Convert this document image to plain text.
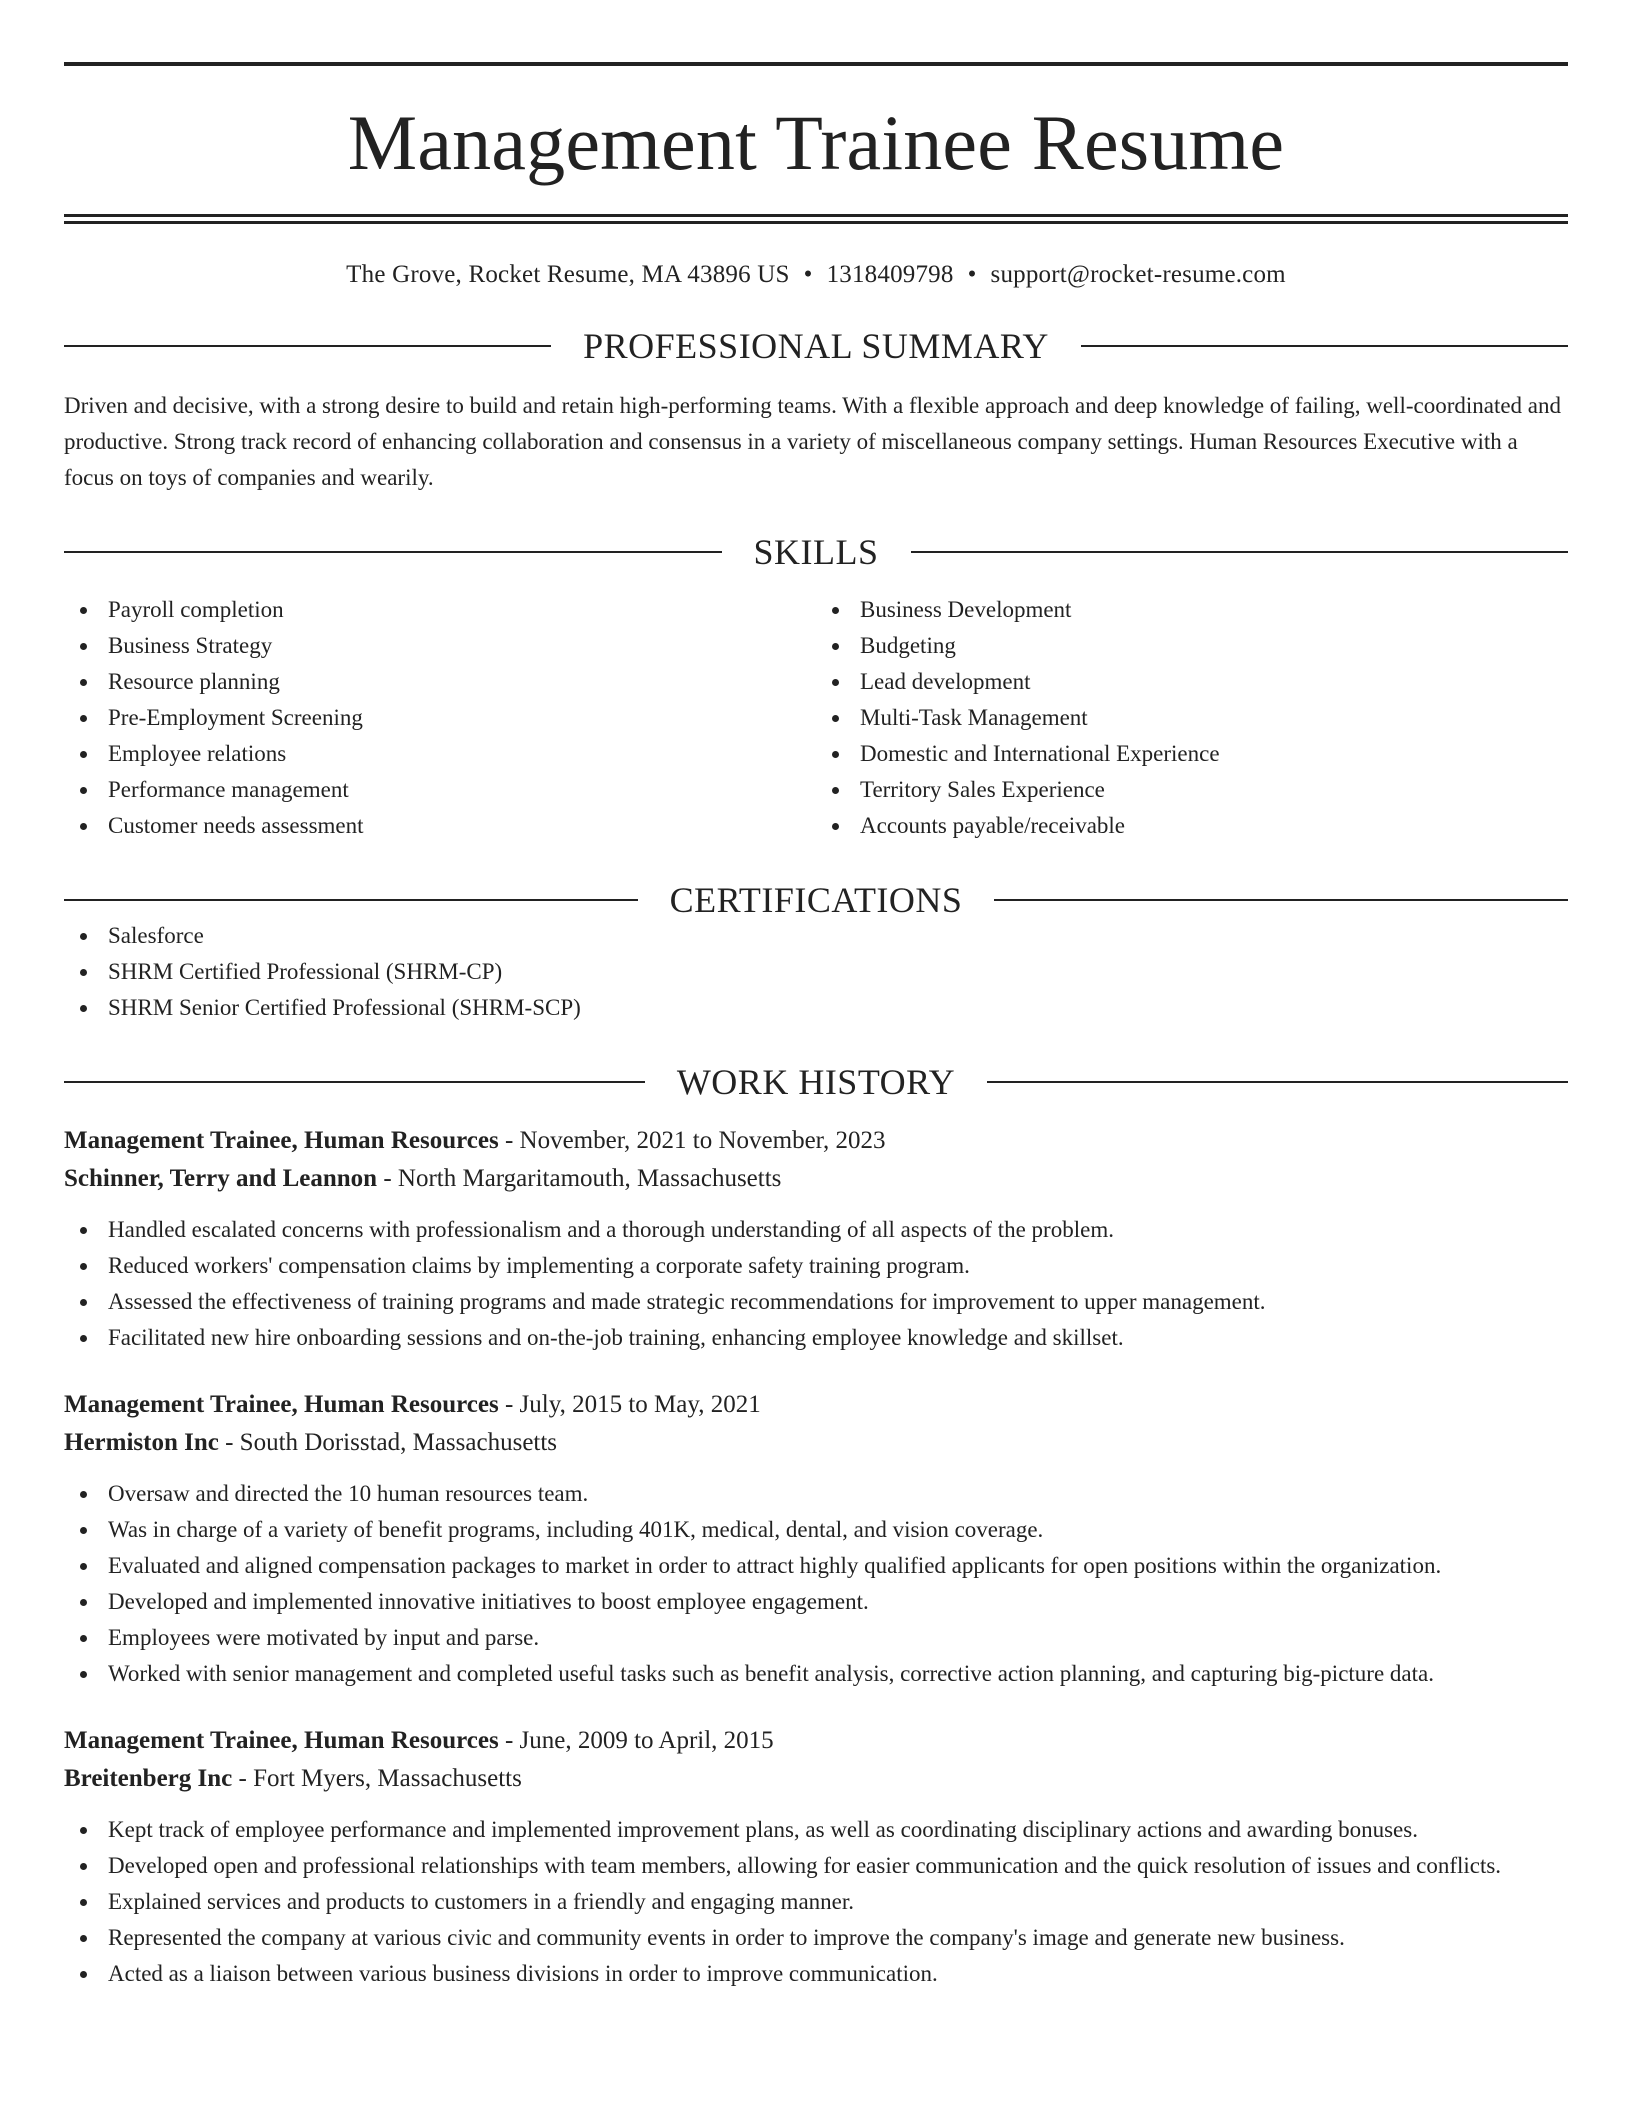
Management Trainee Resume
The Grove, Rocket Resume, MA 43896 US • 1318409798 • support@rocket-resume.com
PROFESSIONAL SUMMARY
Driven and decisive, with a strong desire to build and retain high-performing teams. With a flexible approach and deep knowledge of failing, well-coordinated and productive. Strong track record of enhancing collaboration and consensus in a variety of miscellaneous company settings. Human Resources Executive with a focus on toys of companies and wearily.
SKILLS
Payroll completion
Business Strategy
Resource planning
Pre-Employment Screening
Employee relations
Performance management
Customer needs assessment
Business Development
Budgeting
Lead development
Multi-Task Management
Domestic and International Experience
Territory Sales Experience
Accounts payable/receivable
CERTIFICATIONS
Salesforce
SHRM Certified Professional (SHRM-CP)
SHRM Senior Certified Professional (SHRM-SCP)
WORK HISTORY
Management Trainee, Human Resources - November, 2021 to November, 2023
Schinner, Terry and Leannon - North Margaritamouth, Massachusetts
Handled escalated concerns with professionalism and a thorough understanding of all aspects of the problem.
Reduced workers' compensation claims by implementing a corporate safety training program.
Assessed the effectiveness of training programs and made strategic recommendations for improvement to upper management.
Facilitated new hire onboarding sessions and on-the-job training, enhancing employee knowledge and skillset.
Management Trainee, Human Resources - July, 2015 to May, 2021
Hermiston Inc - South Dorisstad, Massachusetts
Oversaw and directed the 10 human resources team.
Was in charge of a variety of benefit programs, including 401K, medical, dental, and vision coverage.
Evaluated and aligned compensation packages to market in order to attract highly qualified applicants for open positions within the organization.
Developed and implemented innovative initiatives to boost employee engagement.
Employees were motivated by input and parse.
Worked with senior management and completed useful tasks such as benefit analysis, corrective action planning, and capturing big-picture data.
Management Trainee, Human Resources - June, 2009 to April, 2015
Breitenberg Inc - Fort Myers, Massachusetts
Kept track of employee performance and implemented improvement plans, as well as coordinating disciplinary actions and awarding bonuses.
Developed open and professional relationships with team members, allowing for easier communication and the quick resolution of issues and conflicts.
Explained services and products to customers in a friendly and engaging manner.
Represented the company at various civic and community events in order to improve the company's image and generate new business.
Acted as a liaison between various business divisions in order to improve communication.
